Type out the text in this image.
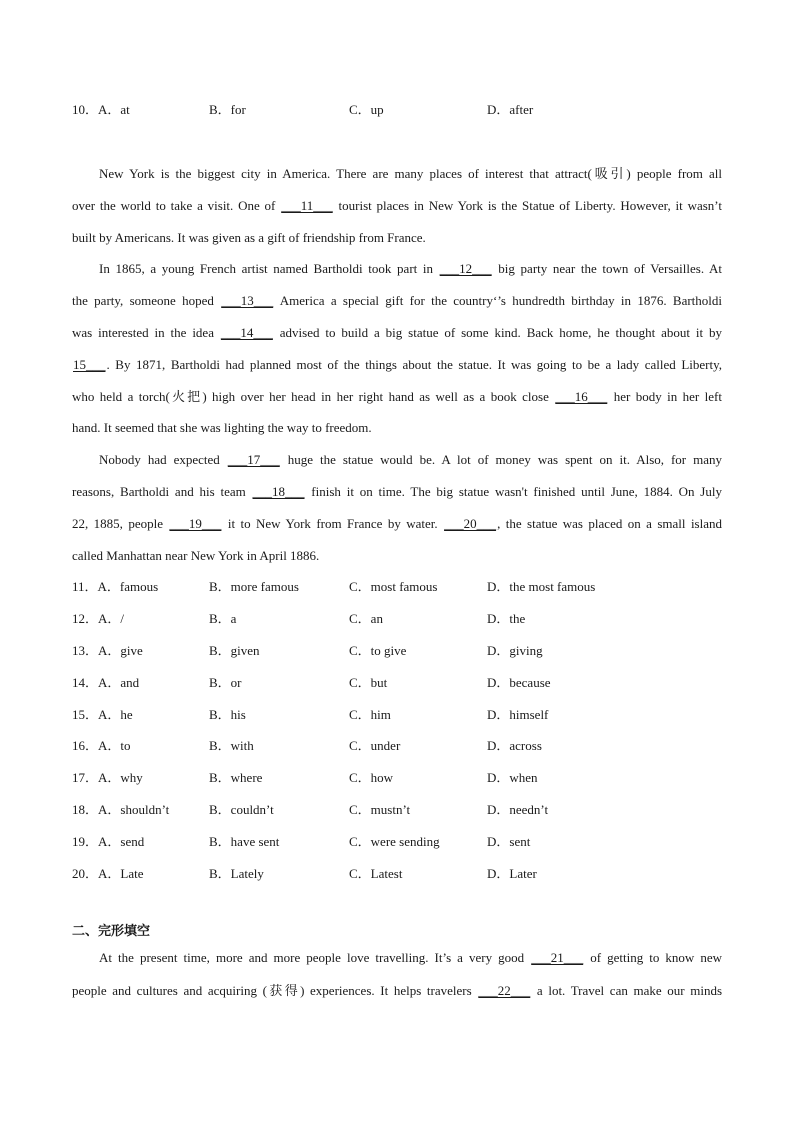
10．A．at	B．for	C．up	D．after
New York is the biggest city in America. There are many places of interest that attract(吸引) people from all
over the world to take a visit. One of ___11___ tourist places in New York is the Statue of Liberty. However, it wasn’t
built by Americans. It was given as a gift of friendship from France.
In 1865, a young French artist named Bartholdi took part in ___12___ big party near the town of Versailles. At
the party, someone hoped ___13___ America a special gift for the country‘’s hundredth birthday in 1876. Bartholdi
was interested in the idea ___14___ advised to build a big statue of some kind. Back home, he thought about it by
15___. By 1871, Bartholdi had planned most of the things about the statue. It was going to be a lady called Liberty,
who held a torch(火把) high over her head in her right hand as well as a book close ___16___ her body in her left
hand. It seemed that she was lighting the way to freedom.
Nobody had expected ___17___ huge the statue would be. A lot of money was spent on it. Also, for many
reasons, Bartholdi and his team ___18___ finish it on time. The big statue wasn't finished until June, 1884. On July
22, 1885, people ___19___ it to New York from France by water. ___20___, the statue was placed on a small island
called Manhattan near New York in April 1886.
11．A．famous	B．more famous	C．most famous	D．the most famous
12．A．/	B．a	C．an	D．the
13．A．give	B．given	C．to give	D．giving
14．A．and	B．or	C．but	D．because
15．A．he	B．his	C．him	D．himself
16．A．to	B．with	C．under	D．across
17．A．why	B．where	C．how	D．when
18．A．shouldn’t	B．couldn’t	C．mustn’t	D．needn’t
19．A．send	B．have sent	C．were sending	D．sent
20．A．Late	B．Lately	C．Latest	D．Later
二、完形填空
At the present time, more and more people love travelling. It’s a very good ___21___ of getting to know new
people and cultures and acquiring (获得) experiences. It helps travelers ___22___ a lot. Travel can make our minds
